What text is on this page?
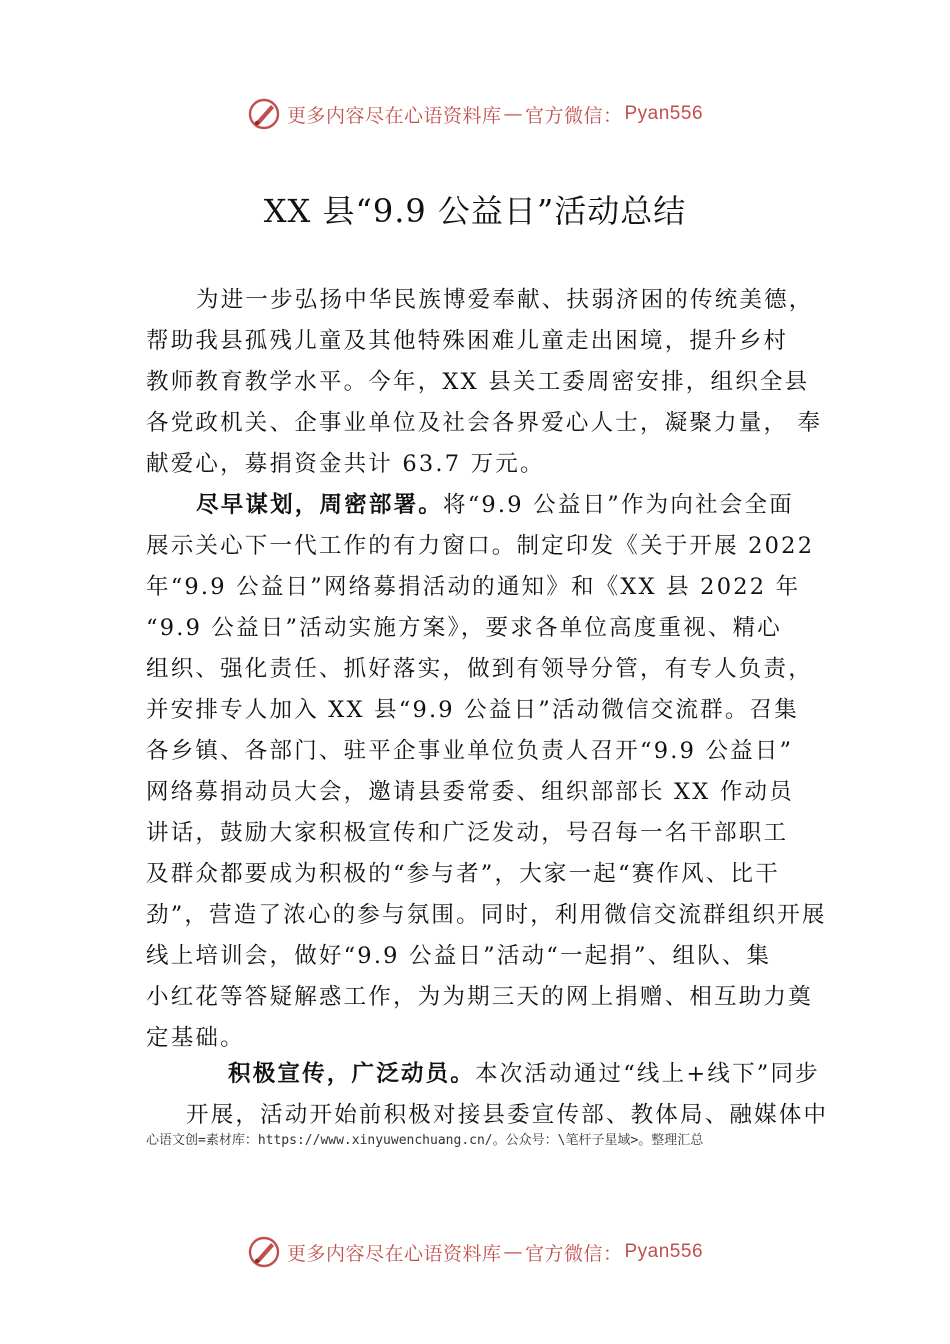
更多内容尽在心语资料库 — 官方微信： Pyan556
XX 县“9.9 公益日”活动总结
为进一步弘扬中华民族博爱奉献、扶弱济困的传统美德，
帮助我县孤残儿童及其他特殊困难儿童走出困境，提升乡村
教师教育教学水平。今年，XX 县关工委周密安排，组织全县
各党政机关、企事业单位及社会各界爱心人士，凝聚力量， 奉
献爱心，募捐资金共计 63.7 万元。
尽早谋划，周密部署。将“9.9 公益日”作为向社会全面
展示关心下一代工作的有力窗口。制定印发《关于开展 2022
年“9.9 公益日”网络募捐活动的通知》和《XX 县 2022 年
“9.9 公益日”活动实施方案》，要求各单位高度重视、精心
组织、强化责任、抓好落实，做到有领导分管，有专人负责，
并安排专人加入 XX 县“9.9 公益日”活动微信交流群。召集
各乡镇、各部门、驻平企事业单位负责人召开“9.9 公益日”
网络募捐动员大会，邀请县委常委、组织部部长 XX 作动员
讲话，鼓励大家积极宣传和广泛发动，号召每一名干部职工
及群众都要成为积极的“参与者”，大家一起“赛作风、比干
劲”，营造了浓心的参与氛围。同时，利用微信交流群组织开展
线上培训会，做好“9.9 公益日”活动“一起捐”、组队、集
小红花等答疑解惑工作，为为期三天的网上捐赠、相互助力奠
定基础。
积极宣传，广泛动员。本次活动通过“线上+线下”同步
开展，活动开始前积极对接县委宣传部、教体局、融媒体中
心语文创=素材库：https://www.xinyuwenchuang.cn/。公众号：\笔杆子星域>。整理汇总
更多内容尽在心语资料库 — 官方微信： Pyan556
